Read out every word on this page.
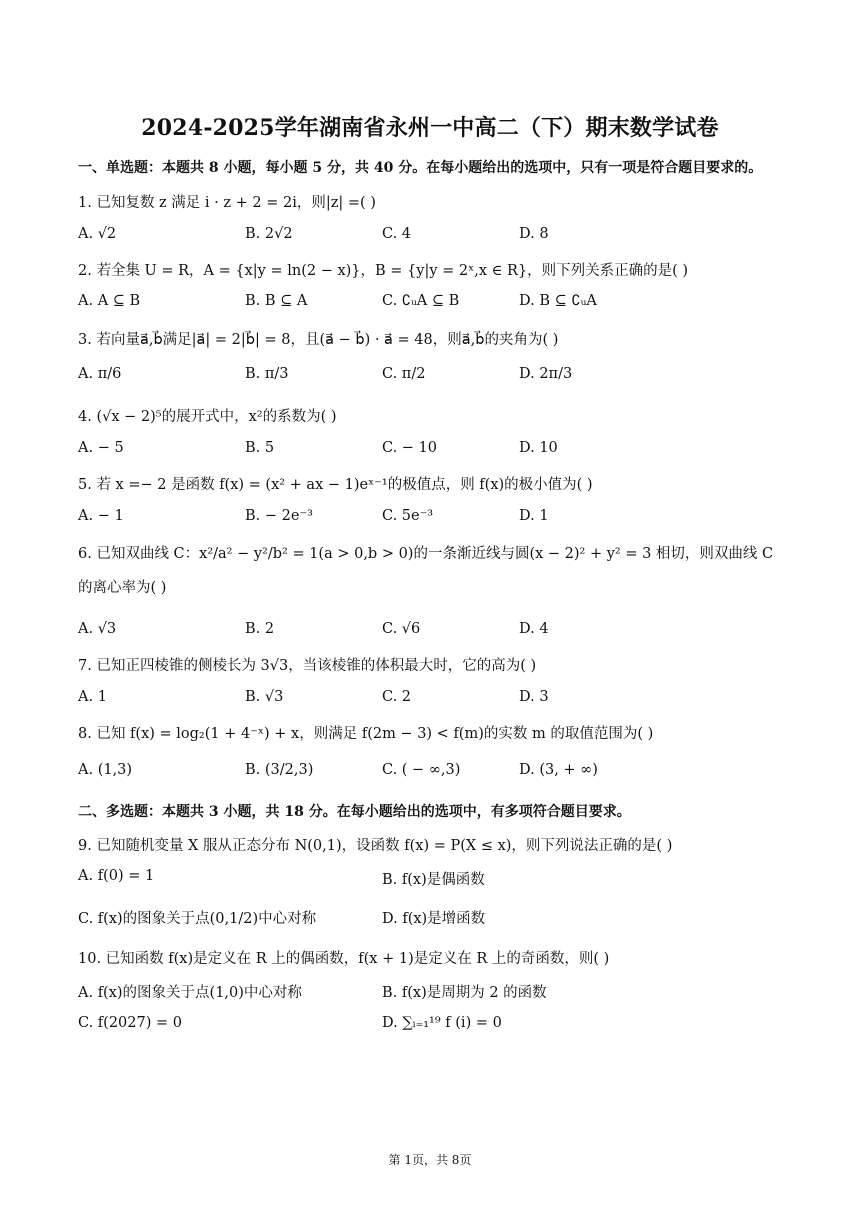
2024-2025学年湖南省永州一中高二（下）期末数学试卷
一、单选题：本题共 8 小题，每小题 5 分，共 40 分。在每小题给出的选项中，只有一项是符合题目要求的。
1. 已知复数 z 满足 i · z + 2 = 2i，则|z| =( )
A. √2	B. 2√2	C. 4	D. 8
2. 若全集 U = R，A = {x|y = ln(2 − x)}，B = {y|y = 2ˣ,x ∈ R}，则下列关系正确的是( )
A. A ⊆ B	B. B ⊆ A	C. ∁ᵤA ⊆ B	D. B ⊆ ∁ᵤA
3. 若向量a⃗,b⃗满足|a⃗| = 2|b⃗| = 8，且(a⃗ − b⃗) · a⃗ = 48，则a⃗,b⃗的夹角为( )
A. π/6	B. π/3	C. π/2	D. 2π/3
4. (√x − 2)⁵的展开式中，x²的系数为( )
A. − 5	B. 5	C. − 10	D. 10
5. 若 x =− 2 是函数 f(x) = (x² + ax − 1)eˣ⁻¹的极值点，则 f(x)的极小值为( )
A. − 1	B. − 2e⁻³	C. 5e⁻³	D. 1
6. 已知双曲线 C：x²/a² − y²/b² = 1(a > 0,b > 0)的一条渐近线与圆(x − 2)² + y² = 3 相切，则双曲线 C 的离心率为( )
A. √3	B. 2	C. √6	D. 4
7. 已知正四棱锥的侧棱长为 3√3，当该棱锥的体积最大时，它的高为( )
A. 1	B. √3	C. 2	D. 3
8. 已知 f(x) = log₂(1 + 4⁻ˣ) + x，则满足 f(2m − 3) < f(m)的实数 m 的取值范围为( )
A. (1,3)	B. (3/2,3)	C. ( − ∞,3)	D. (3, + ∞)
二、多选题：本题共 3 小题，共 18 分。在每小题给出的选项中，有多项符合题目要求。
9. 已知随机变量 X 服从正态分布 N(0,1)，设函数 f(x) = P(X ≤ x)，则下列说法正确的是( )
A. f(0) = 1	B. f(x)是偶函数
C. f(x)的图象关于点(0,1/2)中心对称	D. f(x)是增函数
10. 已知函数 f(x)是定义在 R 上的偶函数，f(x + 1)是定义在 R 上的奇函数，则( )
A. f(x)的图象关于点(1,0)中心对称	B. f(x)是周期为 2 的函数
C. f(2027) = 0	D. ∑ᵢ₌₁¹⁹ f (i) = 0
第 1页，共 8页
